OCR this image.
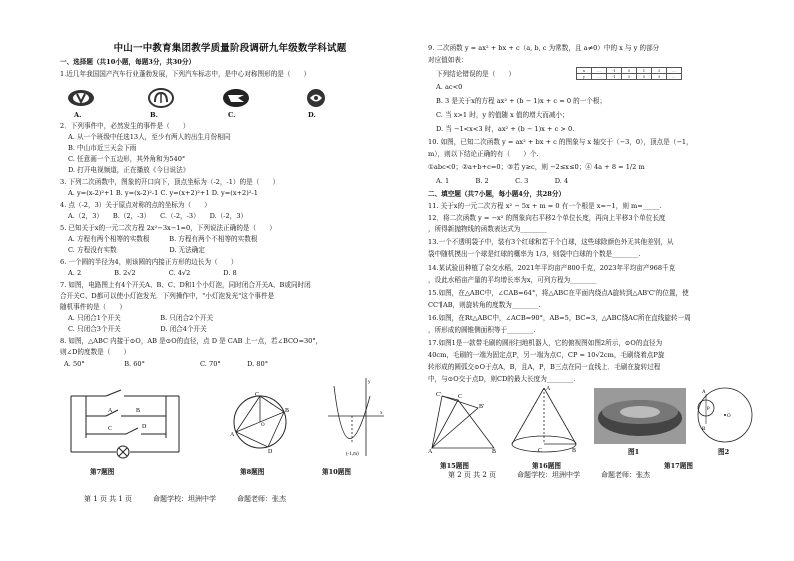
中山一中教育集团教学质量阶段调研九年级数学科试题
一、选择题（共10小题，每题3分，共30分）
1.近几年我国国产汽车行业蓬勃发展，下列汽车标志中，是中心对称图形的是（　　）
A.	B.	C.	D.
2．下列事件中，必然发生的事件是（　　）
A. 从一个班级中任选13人，至少有两人的出生月份相同
B. 中山市近三天会下雨
C. 任意画一个五边形，其外角和为540°
D. 打开电视频道，正在播放《今日说法》
3. 下列二次函数中，图象的开口向下，顶点坐标为（-2，-1）的是（　　）
A. y=(x-2)²+1 B. y=(x-2)²-1 C. y=(x+2)²+1 D. y=(x+2)²-1
4. 点（-2，3）关于原点对称的点的坐标为（　　）
A.（2，3）　　B.（2，-3）　　C.（-2，-3）　　D.（-2，3）
5. 已知关于x的一元二次方程 2x²−3x−1=0，下列说法正确的是（　　）
A. 方程有两个相等的实数根　　　B. 方程有两个不相等的实数根
C. 方程没有实数　　　　　　　　D. 无法确定
6. 一个圆的半径为4，则该圆的内接正方形的边长为（　　）
A. 2　　　　　B. 2√2　　　　　C. 4√2　　　　　D. 8
7. 如图，电路图上有4个开关A、B、C、D和1个小灯泡，同时闭合开关A、B或同时闭
合开关C、D都可以使小灯泡发光．下列操作中，"小灯泡发光"这个事件是
随机事件的是（　　）
A. 只闭合1个开关　　　　　　B. 只闭合2个开关
C. 只闭合3个开关　　　　　　D. 闭合4个开关
8. 如图，△ABC 内接于⊙O，AB 是⊙O的直径，点 D 是 CAB 上一点，若∠BCO=30°，
则∠D的度数是（　　）
A. 50°　　　　　　B. 60°	C. 70°　　　　D. 80°
A	B
C	D
C
A
B
D
O
(-1,m)
x
y
第7题图	第8题图	第10题图
第 1 页 共 1 页　　　命题学校：坦洲中学　　　命题老师：张杰
9. 二次函数 y = ax² + bx + c（a, b, c 为常数，且 a≠0）中的 x 与 y 的部分
对应值如表：
下列结论错误的是（　　）	x	…	-1	0	1	3	…
y	…	-1	3	5	3	…
A. ac<0
B. 3 是关于x的方程 ax² + (b − 1)x + c = 0 的一个根；
C. 当 x>1 时，y 的值随 x 值的增大而减小；
D. 当 −1<x<3 时，ax² + (b − 1)x + c > 0.
10. 如图，已知二次函数 y = ax² + bx + c 的图象与 x 轴交于（−3，0），顶点是（−1，
m），则以下结论正确的有（　　）个.
①abc<0；②a+b+c=0；③若 y≥c，则 −2≤x≤0；④ 4a + 8 = 1/2 m
A. 1　　　　B. 2　　　　C. 3　　　　D. 4
二、填空题（共7小题，每小题4分，共28分）
11. 关于x的一元二次方程 x² − 5x + m = 0 有一个根是 x=−1，则 m=_____.
12．将二次函数 y = −x² 的图象向右平移2个单位长度，再向上平移3个单位长度
，所得新抛物线的函数表达式为________
13.一个不透明袋子中，装有3个红球和若干个白球，这些球除颜色外无其他差别，从
袋中随机摸出一个球是红球的概率为 1/3，则袋中白球的个数是________.
14.某试验田种植了杂交水稻，2021年平均亩产800千克，2023年平均亩产968千克
，设此水稻亩产量的平均增长率为x，可列方程为________
15.如图，在△ABC中，∠CAB=64°，将△ABC在平面内绕点A旋转到△AB'C'的位置，使
CC'∥AB，则旋转角的度数为________.
16.如图，在Rt△ABC中，∠ACB=90°，AB=5，BC=3，△ABC绕AC所在直线旋转一周
，所形成的圆锥侧面积等于________.
17.如图1是一款带毛刷的圆形扫地机器人，它的俯视图如图2所示，⊙O的直径为
40cm，毛刷的一端为固定点P，另一端为点C，CP = 10√2cm，毛刷绕着点P旋
转形成的圆弧交⊙O于点A，B，且A，P，B三点在同一直线上．毛刷在旋转过程
中，与⊙O交于点D，则CD的最大长度为________.
A	B
C
C'
B'
A
C	B
O
P
A
B
第15题图	第16题图
图1	图2
第17题图
第 2 页 共 2 页　　　命题学校：坦洲中学　　　命题老师：张杰
